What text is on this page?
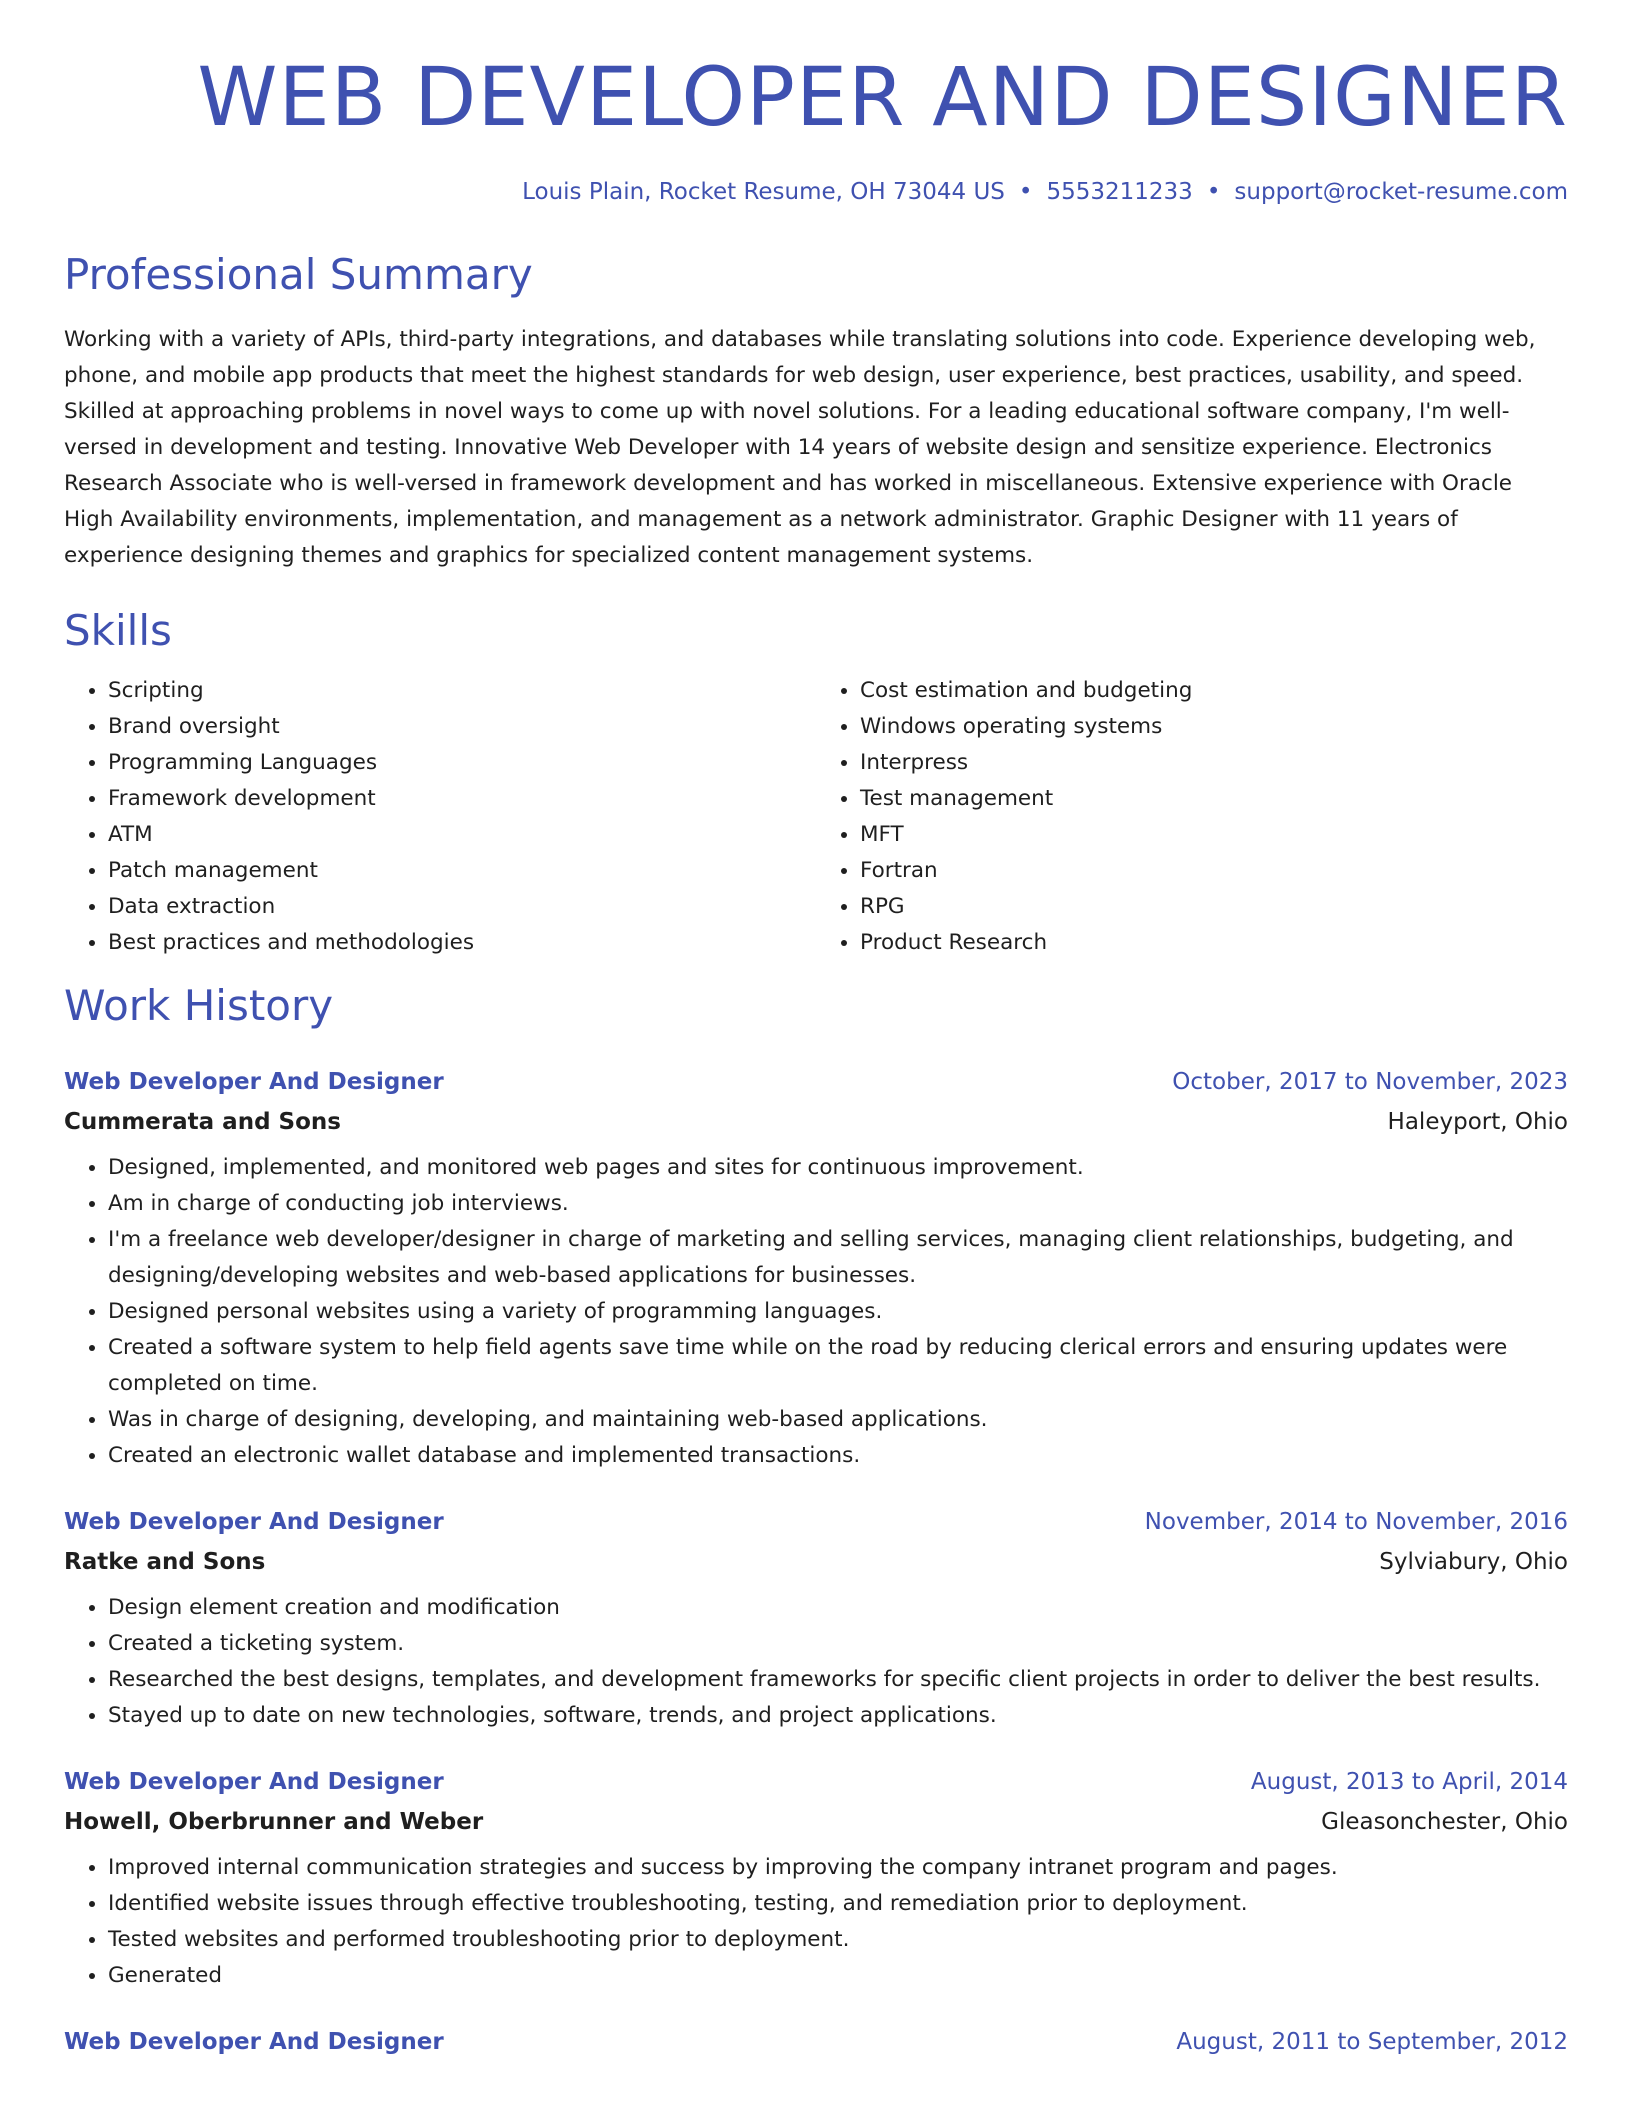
WEB DEVELOPER AND DESIGNER
Louis Plain, Rocket Resume, OH 73044 US • 5553211233 • support@rocket-resume.com
Professional Summary
Working with a variety of APIs, third-party integrations, and databases while translating solutions into code. Experience developing web, phone, and mobile app products that meet the highest standards for web design, user experience, best practices, usability, and speed. Skilled at approaching problems in novel ways to come up with novel solutions. For a leading educational software company, I'm well-versed in development and testing. Innovative Web Developer with 14 years of website design and sensitize experience. Electronics Research Associate who is well-versed in framework development and has worked in miscellaneous. Extensive experience with Oracle High Availability environments, implementation, and management as a network administrator. Graphic Designer with 11 years of experience designing themes and graphics for specialized content management systems.
Skills
• Scripting
• Brand oversight
• Programming Languages
• Framework development
• ATM
• Patch management
• Data extraction
• Best practices and methodologies
• Cost estimation and budgeting
• Windows operating systems
• Interpress
• Test management
• MFT
• Fortran
• RPG
• Product Research
Work History
Web Developer And Designer	October, 2017 to November, 2023
Cummerata and Sons	Haleyport, Ohio
• Designed, implemented, and monitored web pages and sites for continuous improvement.
• Am in charge of conducting job interviews.
• I'm a freelance web developer/designer in charge of marketing and selling services, managing client relationships, budgeting, and designing/developing websites and web-based applications for businesses.
• Designed personal websites using a variety of programming languages.
• Created a software system to help field agents save time while on the road by reducing clerical errors and ensuring updates were completed on time.
• Was in charge of designing, developing, and maintaining web-based applications.
• Created an electronic wallet database and implemented transactions.
Web Developer And Designer	November, 2014 to November, 2016
Ratke and Sons	Sylviabury, Ohio
• Design element creation and modification
• Created a ticketing system.
• Researched the best designs, templates, and development frameworks for specific client projects in order to deliver the best results.
• Stayed up to date on new technologies, software, trends, and project applications.
Web Developer And Designer	August, 2013 to April, 2014
Howell, Oberbrunner and Weber	Gleasonchester, Ohio
• Improved internal communication strategies and success by improving the company intranet program and pages.
• Identified website issues through effective troubleshooting, testing, and remediation prior to deployment.
• Tested websites and performed troubleshooting prior to deployment.
• Generated
Web Developer And Designer	August, 2011 to September, 2012
